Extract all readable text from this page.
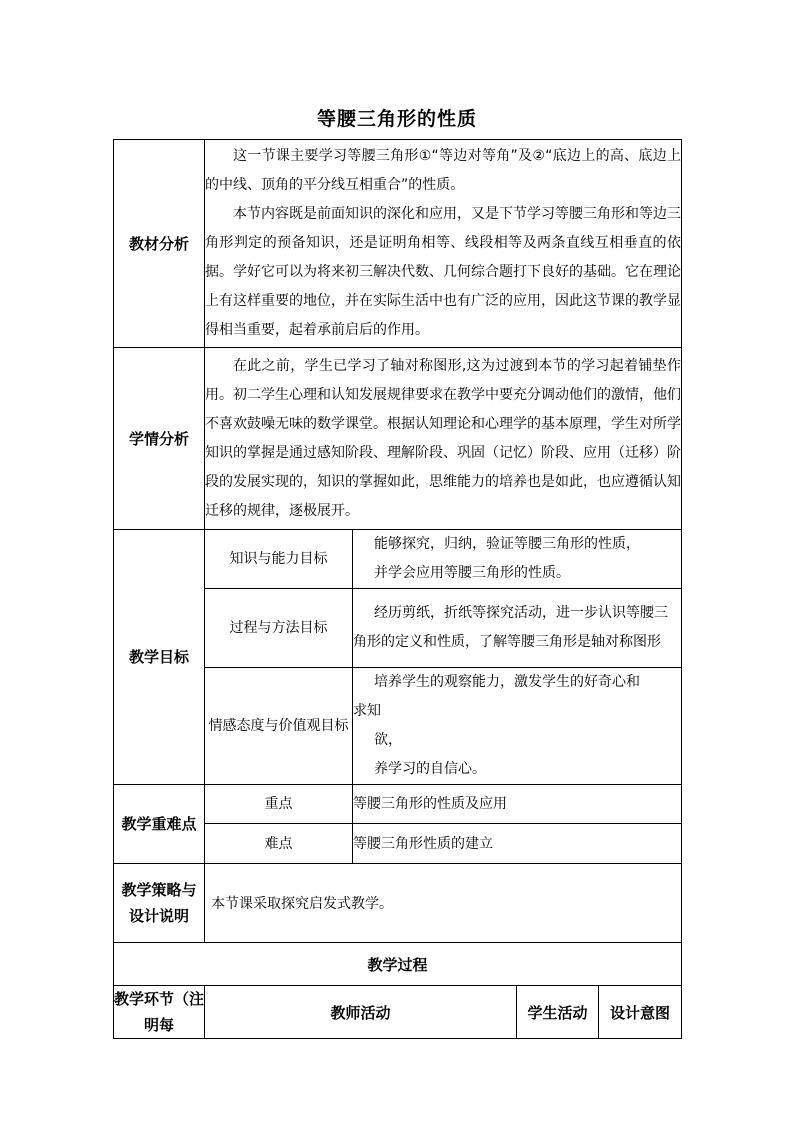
等腰三角形的性质
教材分析	这一节课主要学习等腰三角形①“等边对等角”及②“底边上的高、底边上的中线、顶角的平分线互相重合”的性质。

本节内容既是前面知识的深化和应用，又是下节学习等腰三角形和等边三角形判定的预备知识，还是证明角相等、线段相等及两条直线互相垂直的依据。学好它可以为将来初三解决代数、几何综合题打下良好的基础。它在理论上有这样重要的地位，并在实际生活中也有广泛的应用，因此这节课的教学显得相当重要，起着承前启后的作用。			

学情分析	在此之前，学生已学习了轴对称图形,这为过渡到本节的学习起着铺垫作用。初二学生心理和认知发展规律要求在教学中要充分调动他们的激情，他们不喜欢鼓噪无味的数学课堂。根据认知理论和心理学的基本原理，学生对所学知识的掌握是通过感知阶段、理解阶段、巩固（记忆）阶段、应用（迁移）阶段的发展实现的，知识的掌握如此，思维能力的培养也是如此，也应遵循认知迁移的规律，逐极展开。			

教学目标	知识与能力目标	能够探究，归纳，验证等腰三角形的性质，
并学会应用等腰三角形的性质。		

	过程与方法目标	经历剪纸，折纸等探究活动，进一步认识等腰三角形的定义和性质，了解等腰三角形是轴对称图形		

	情感态度与价值观目标	培养学生的观察能力，激发学生的好奇心和
求知
欲，
养学习的自信心。		

教学重难点	重点	等腰三角形的性质及应用		
	难点	等腰三角形性质的建立		
教学策略与 设计说明	本节课采取探究启发式教学。			
教学过程				
教学环节（注明每	教师活动		学生活动	设计意图
